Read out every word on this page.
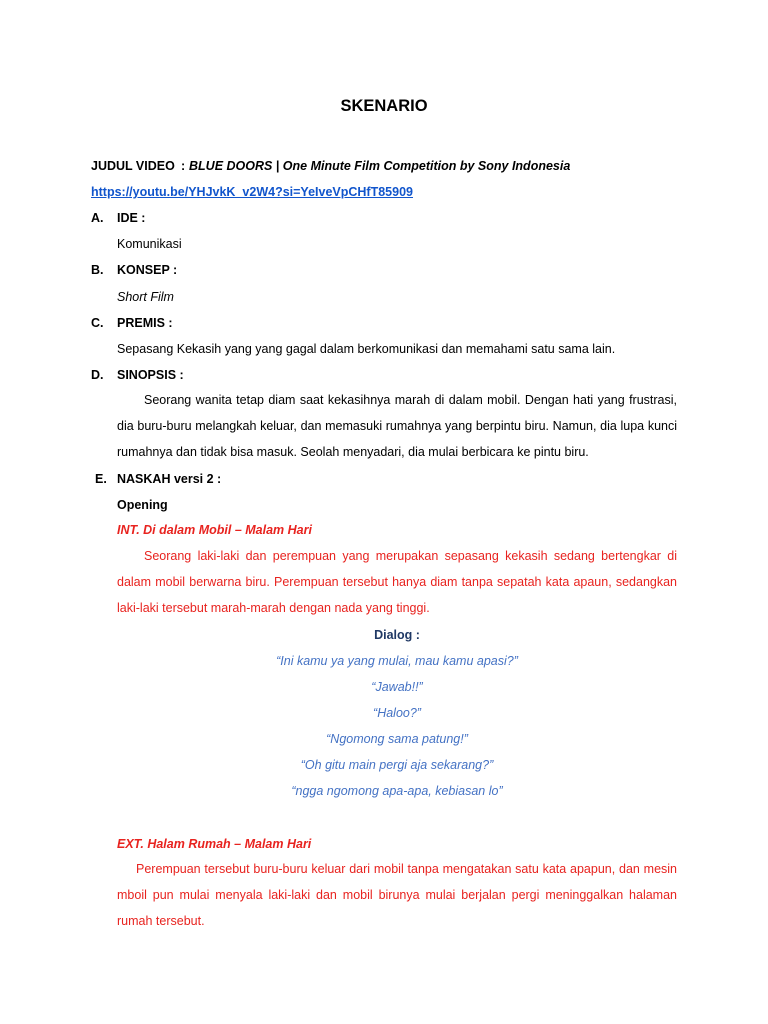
SKENARIO
JUDUL VIDEO : BLUE DOORS | One Minute Film Competition by Sony Indonesia
https://youtu.be/YHJvkK_v2W4?si=YeIveVpCHfT85909
A. IDE :
Komunikasi
B. KONSEP :
Short Film
C. PREMIS :
Sepasang Kekasih yang yang gagal dalam berkomunikasi dan memahami satu sama lain.
D. SINOPSIS :

Seorang wanita tetap diam saat kekasihnya marah di dalam mobil. Dengan hati yang frustrasi, dia buru-buru melangkah keluar, dan memasuki rumahnya yang berpintu biru. Namun, dia lupa kunci rumahnya dan tidak bisa masuk. Seolah menyadari, dia mulai berbicara ke pintu biru.

E. NASKAH versi 2 :
Opening
INT. Di dalam Mobil – Malam Hari

Seorang laki-laki dan perempuan yang merupakan sepasang kekasih sedang bertengkar di dalam mobil berwarna biru. Perempuan tersebut hanya diam tanpa sepatah kata apaun, sedangkan laki-laki tersebut marah-marah dengan nada yang tinggi.

Dialog :
“Ini kamu ya yang mulai, mau kamu apasi?”
“Jawab!!”
“Haloo?”
“Ngomong sama patung!”
“Oh gitu main pergi aja sekarang?”
“ngga ngomong apa-apa, kebiasan lo”
EXT. Halam Rumah – Malam Hari

Perempuan tersebut buru-buru keluar dari mobil tanpa mengatakan satu kata apapun, dan mesin mboil pun mulai menyala laki-laki dan mobil birunya mulai berjalan pergi meninggalkan halaman rumah tersebut.
